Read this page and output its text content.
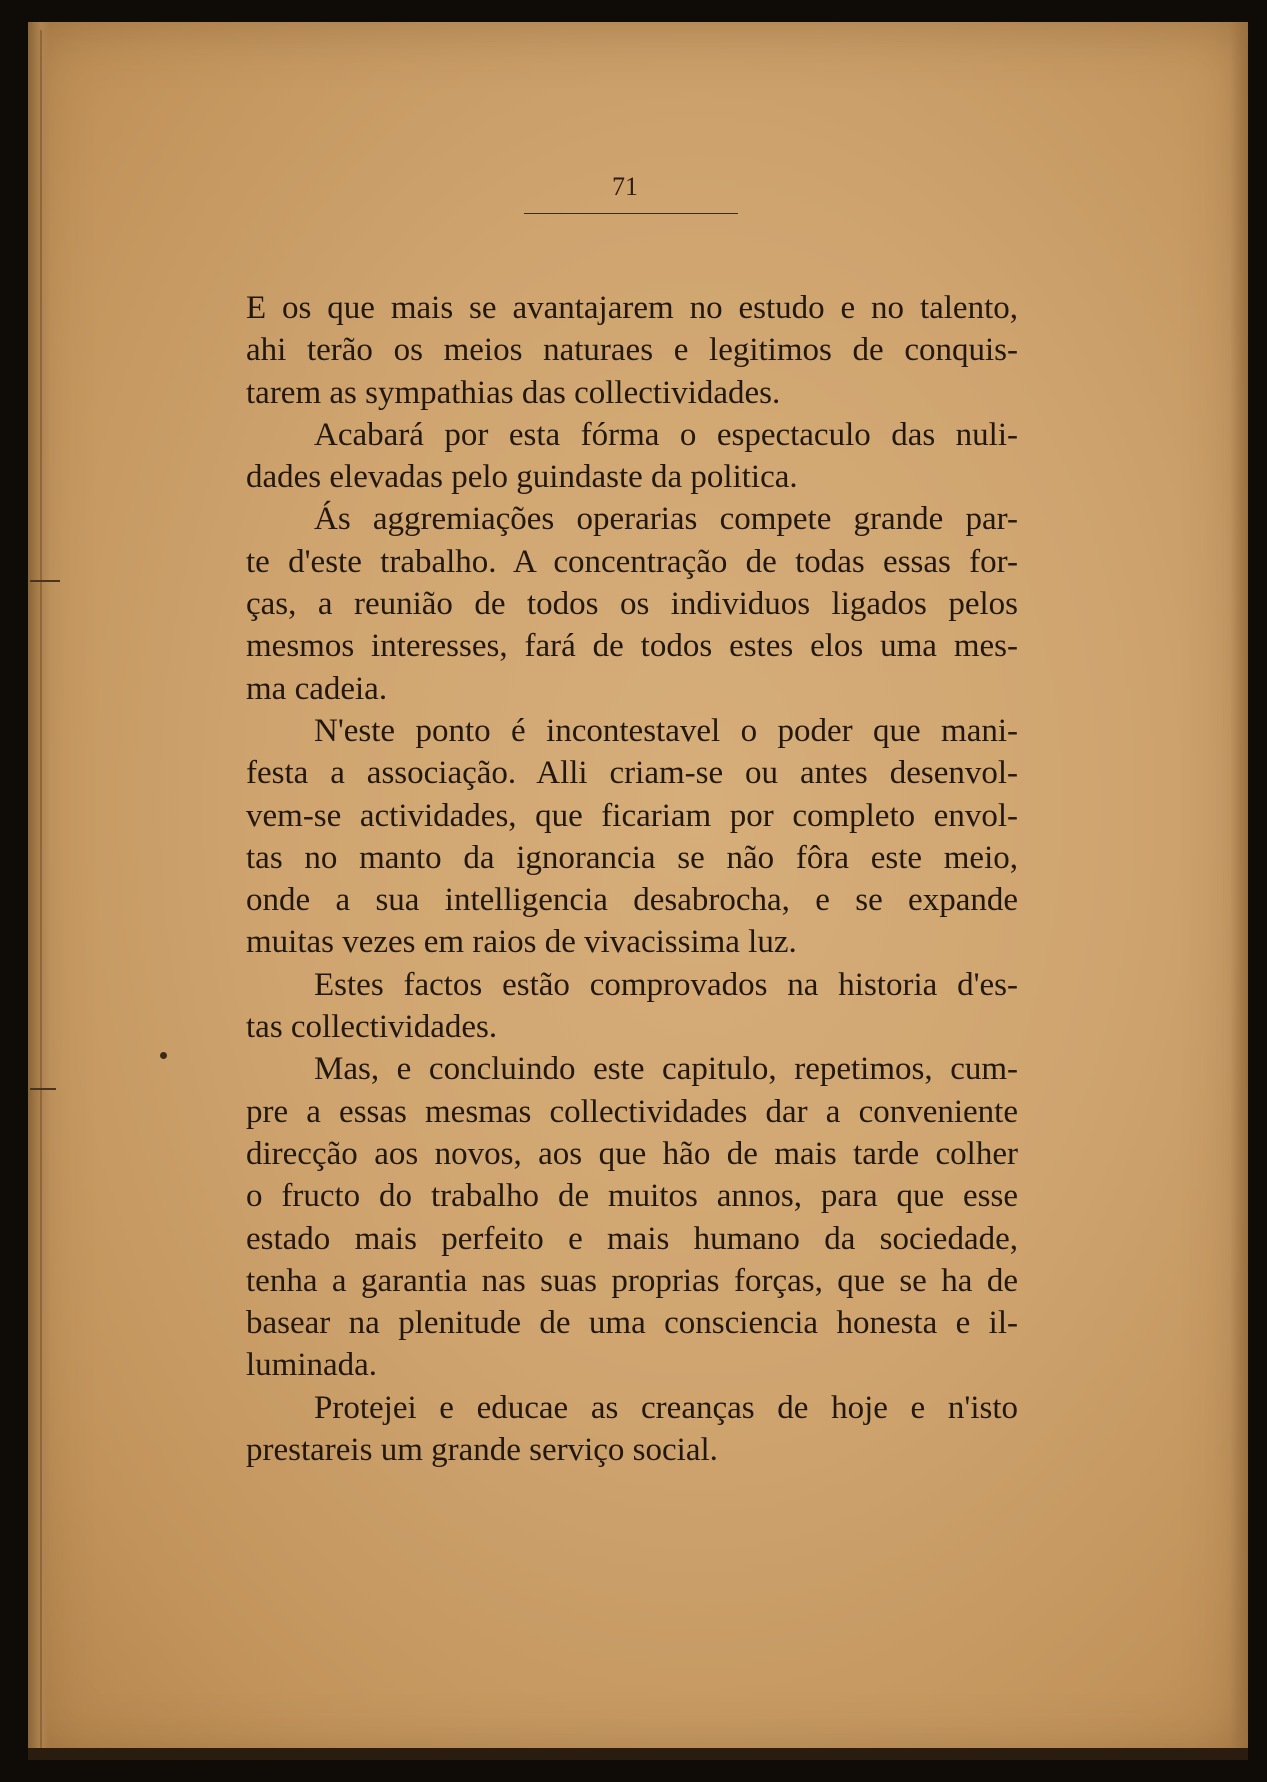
71
E os que mais se avantajarem no estudo e no talento,
ahi terão os meios naturaes e legitimos de conquis-
tarem as sympathias das collectividades.
Acabará por esta fórma o espectaculo das nuli-
dades elevadas pelo guindaste da politica.
Ás aggremiações operarias compete grande par-
te d'este trabalho. A concentração de todas essas for-
ças, a reunião de todos os individuos ligados pelos
mesmos interesses, fará de todos estes elos uma mes-
ma cadeia.
N'este ponto é incontestavel o poder que mani-
festa a associação. Alli criam-se ou antes desenvol-
vem-se actividades, que ficariam por completo envol-
tas no manto da ignorancia se não fôra este meio,
onde a sua intelligencia desabrocha, e se expande
muitas vezes em raios de vivacissima luz.
Estes factos estão comprovados na historia d'es-
tas collectividades.
Mas, e concluindo este capitulo, repetimos, cum-
pre a essas mesmas collectividades dar a conveniente
direcção aos novos, aos que hão de mais tarde colher
o fructo do trabalho de muitos annos, para que esse
estado mais perfeito e mais humano da sociedade,
tenha a garantia nas suas proprias forças, que se ha de
basear na plenitude de uma consciencia honesta e il-
luminada.
Protejei e educae as creanças de hoje e n'isto
prestareis um grande serviço social.
